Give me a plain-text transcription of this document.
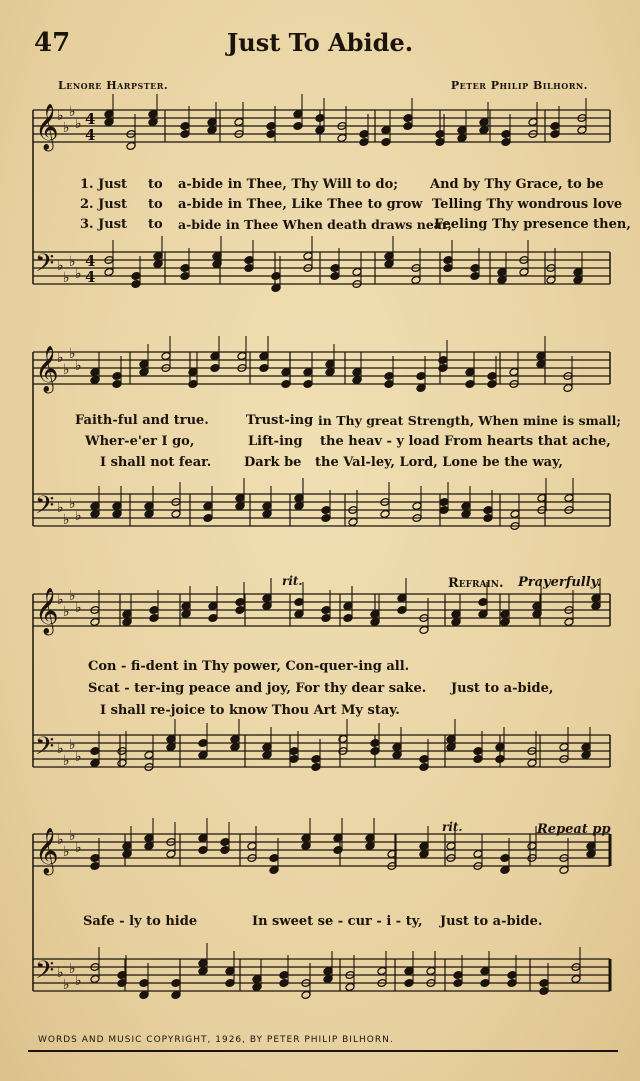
47	Just To Abide.
Lenore Harpster.	Peter Philip Bilhorn.
𝄞
♭
♭
♭
♭
𝄢 ♭
♭
♭
♭
4
4
4
4
𝄞
♭
♭
♭
♭
𝄢 ♭
♭
♭
♭
𝄞
♭
♭
♭
♭
𝄢 ♭
♭
♭
♭
𝄞
♭
♭
♭
♭
𝄢 ♭
♭
♭
♭
1. Just to a-bide in Thee, Thy Will to do; And by Thy Grace, to be
2. Just to a-bide in Thee, Like Thee to grow Telling Thy wondrous love
3. Just to a-bide in Thee When death draws near,
Feeling Thy presence then,
Faith-ful and true.	Trust-ing in Thy great Strength, When mine is small;
Wher-e'er I go,	Lift-ing the heav - y load From hearts that ache,
I shall not fear.	Dark be the Val-ley, Lord, Lone be the way,
rit.	Refrain. Prayerfully.
Con - fi-dent in Thy power, Con-quer-ing all.
Scat - ter-ing peace and joy, For thy dear sake. Just to a-bide,
I shall re-joice to know Thou Art My stay.
rit.	Repeat pp
Safe - ly to hide	In sweet se - cur - i - ty, Just to a-bide.
WORDS AND MUSIC COPYRIGHT, 1926, BY PETER PHILIP BILHORN.
